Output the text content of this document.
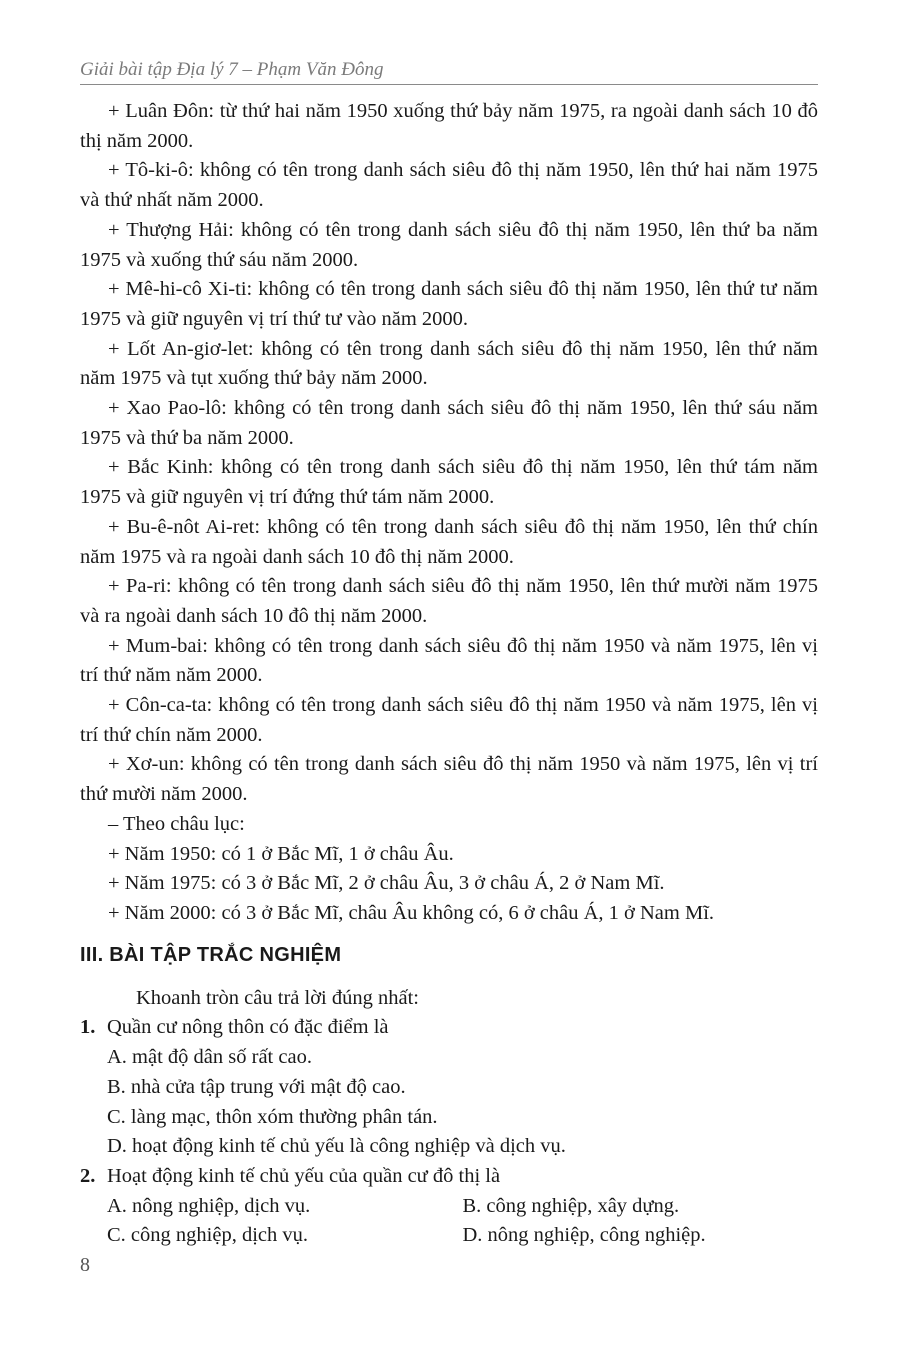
Giải bài tập Địa lý 7 – Phạm Văn Đông

+ Luân Đôn: từ thứ hai năm 1950 xuống thứ bảy năm 1975, ra ngoài danh sách 10 đô thị năm 2000.

+ Tô-ki-ô: không có tên trong danh sách siêu đô thị năm 1950, lên thứ hai năm 1975 và thứ nhất năm 2000.

+ Thượng Hải: không có tên trong danh sách siêu đô thị năm 1950, lên thứ ba năm 1975 và xuống thứ sáu năm 2000.

+ Mê-hi-cô Xi-ti: không có tên trong danh sách siêu đô thị năm 1950, lên thứ tư năm 1975 và giữ nguyên vị trí thứ tư vào năm 2000.

+ Lốt An-giơ-let: không có tên trong danh sách siêu đô thị năm 1950, lên thứ năm năm 1975 và tụt xuống thứ bảy năm 2000.

+ Xao Pao-lô: không có tên trong danh sách siêu đô thị năm 1950, lên thứ sáu năm 1975 và thứ ba năm 2000.

+ Bắc Kinh: không có tên trong danh sách siêu đô thị năm 1950, lên thứ tám năm 1975 và giữ nguyên vị trí đứng thứ tám năm 2000.

+ Bu-ê-nôt Ai-ret: không có tên trong danh sách siêu đô thị năm 1950, lên thứ chín năm 1975 và ra ngoài danh sách 10 đô thị năm 2000.

+ Pa-ri: không có tên trong danh sách siêu đô thị năm 1950, lên thứ mười năm 1975 và ra ngoài danh sách 10 đô thị năm 2000.

+ Mum-bai: không có tên trong danh sách siêu đô thị năm 1950 và năm 1975, lên vị trí thứ năm năm 2000.

+ Côn-ca-ta: không có tên trong danh sách siêu đô thị năm 1950 và năm 1975, lên vị trí thứ chín năm 2000.

+ Xơ-un: không có tên trong danh sách siêu đô thị năm 1950 và năm 1975, lên vị trí thứ mười năm 2000.

– Theo châu lục:

+ Năm 1950: có 1 ở Bắc Mĩ, 1 ở châu Âu.

+ Năm 1975: có 3 ở Bắc Mĩ, 2 ở châu Âu, 3 ở châu Á, 2 ở Nam Mĩ.

+ Năm 2000: có 3 ở Bắc Mĩ, châu Âu không có, 6 ở châu Á, 1 ở Nam Mĩ.

III. BÀI TẬP TRẮC NGHIỆM

Khoanh tròn câu trả lời đúng nhất:

1. Quần cư nông thôn có đặc điểm là

A. mật độ dân số rất cao.

B. nhà cửa tập trung với mật độ cao.

C. làng mạc, thôn xóm thường phân tán.

D. hoạt động kinh tế chủ yếu là công nghiệp và dịch vụ.

2. Hoạt động kinh tế chủ yếu của quần cư đô thị là
A. nông nghiệp, dịch vụ.	B. công nghiệp, xây dựng.
C. công nghiệp, dịch vụ.	D. nông nghiệp, công nghiệp.
8
